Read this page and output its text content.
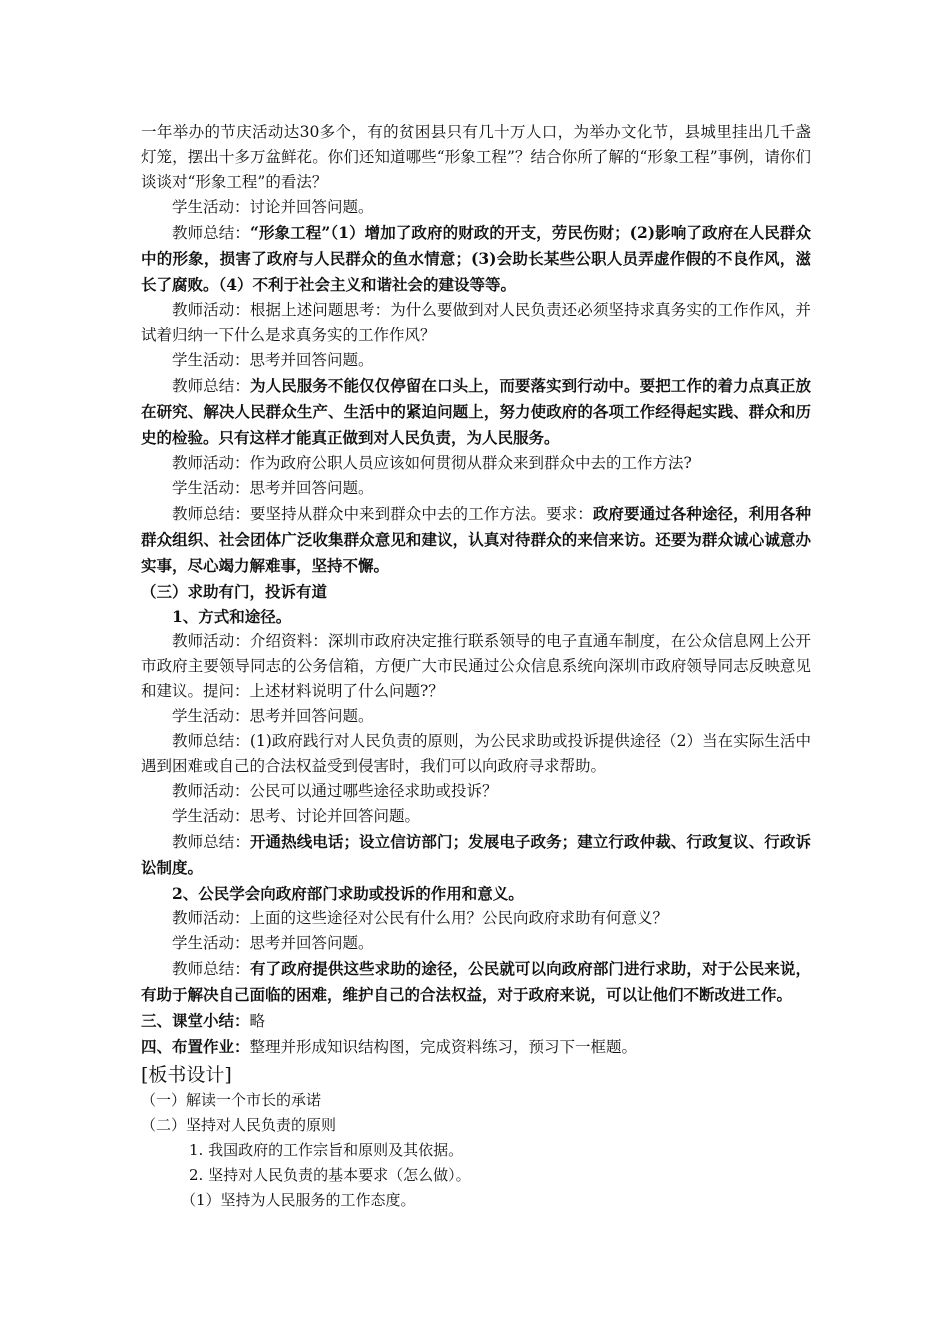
一年举办的节庆活动达30多个，有的贫困县只有几十万人口，为举办文化节，县城里挂出几千盏灯笼，摆出十多万盆鲜花。你们还知道哪些“形象工程”？结合你所了解的“形象工程”事例，请你们谈谈对“形象工程”的看法？

学生活动：讨论并回答问题。

教师总结：“形象工程”（1）增加了政府的财政的开支，劳民伤财；(2)影响了政府在人民群众中的形象，损害了政府与人民群众的鱼水情意；(3)会助长某些公职人员弄虚作假的不良作风，滋长了腐败。（4）不利于社会主义和谐社会的建设等等。

教师活动：根据上述问题思考：为什么要做到对人民负责还必须坚持求真务实的工作作风，并试着归纳一下什么是求真务实的工作作风？

学生活动：思考并回答问题。

教师总结：为人民服务不能仅仅停留在口头上，而要落实到行动中。要把工作的着力点真正放在研究、解决人民群众生产、生活中的紧迫问题上，努力使政府的各项工作经得起实践、群众和历史的检验。只有这样才能真正做到对人民负责，为人民服务。

教师活动：作为政府公职人员应该如何贯彻从群众来到群众中去的工作方法?

学生活动：思考并回答问题。

教师总结：要坚持从群众中来到群众中去的工作方法。要求：政府要通过各种途径，利用各种群众组织、社会团体广泛收集群众意见和建议，认真对待群众的来信来访。还要为群众诚心诚意办实事，尽心竭力解难事，坚持不懈。

（三）求助有门，投诉有道

1、方式和途径。

教师活动：介绍资料：深圳市政府决定推行联系领导的电子直通车制度，在公众信息网上公开市政府主要领导同志的公务信箱，方便广大市民通过公众信息系统向深圳市政府领导同志反映意见和建议。提问：上述材料说明了什么问题?？

学生活动：思考并回答问题。

教师总结：(1)政府践行对人民负责的原则，为公民求助或投诉提供途径（2）当在实际生活中遇到困难或自己的合法权益受到侵害时，我们可以向政府寻求帮助。

教师活动：公民可以通过哪些途径求助或投诉？

学生活动：思考、讨论并回答问题。

教师总结：开通热线电话；设立信访部门；发展电子政务；建立行政仲裁、行政复议、行政诉讼制度。

2、公民学会向政府部门求助或投诉的作用和意义。

教师活动：上面的这些途径对公民有什么用？公民向政府求助有何意义？

学生活动：思考并回答问题。

教师总结：有了政府提供这些求助的途径，公民就可以向政府部门进行求助，对于公民来说，有助于解决自己面临的困难，维护自己的合法权益，对于政府来说，可以让他们不断改进工作。

三、课堂小结：略

四、布置作业：整理并形成知识结构图，完成资料练习，预习下一框题。

[板书设计]

（一）解读一个市长的承诺

（二）坚持对人民负责的原则

1. 我国政府的工作宗旨和原则及其依据。

2. 坚持对人民负责的基本要求（怎么做）。

（1）坚持为人民服务的工作态度。
